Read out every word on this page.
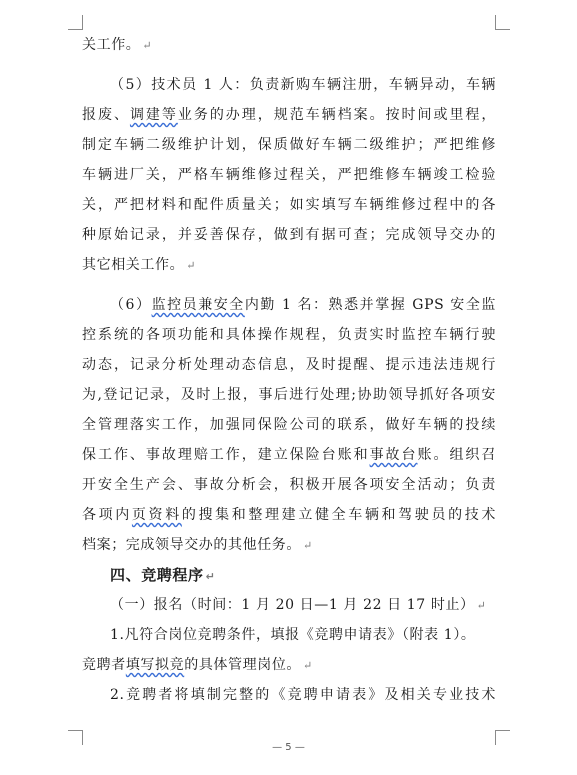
关工作。 ↵
（5）技术员 1 人：负责新购车辆注册，车辆异动，车辆
报废、调建等业务的办理，规范车辆档案。按时间或里程，
制定车辆二级维护计划，保质做好车辆二级维护；严把维修
车辆进厂关，严格车辆维修过程关，严把维修车辆竣工检验
关，严把材料和配件质量关；如实填写车辆维修过程中的各
种原始记录，并妥善保存，做到有据可查；完成领导交办的
其它相关工作。 ↵
（6）监控员兼安全内勤 1 名：熟悉并掌握 GPS 安全监
控系统的各项功能和具体操作规程，负责实时监控车辆行驶
动态，记录分析处理动态信息，及时提醒、提示违法违规行
为,登记记录，及时上报，事后进行处理;协助领导抓好各项安
全管理落实工作，加强同保险公司的联系，做好车辆的投续
保工作、事故理赔工作，建立保险台账和事故台账。组织召
开安全生产会、事故分析会，积极开展各项安全活动；负责
各项内页资料的搜集和整理建立健全车辆和驾驶员的技术
档案；完成领导交办的其他任务。 ↵
四、竞聘程序 ↵
（一）报名（时间：1 月 20 日—1 月 22 日 17 时止） ↵
1.凡符合岗位竞聘条件，填报《竞聘申请表》（附表 1）。
竞聘者填写拟竞的具体管理岗位。 ↵
2.竞聘者将填制完整的《竞聘申请表》及相关专业技术
— 5 —
